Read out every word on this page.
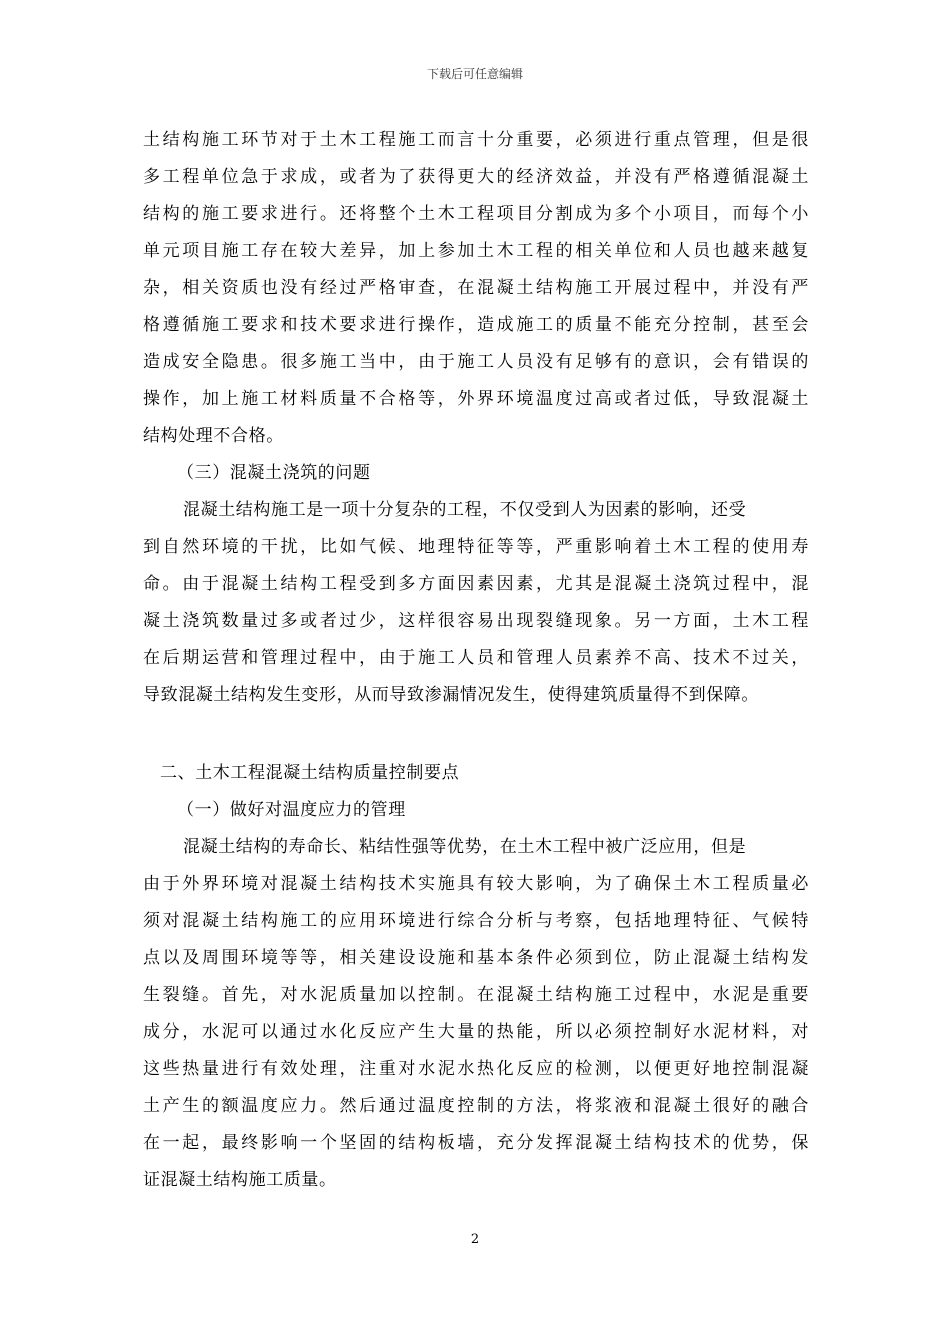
下载后可任意编辑
土结构施工环节对于土木工程施工而言十分重要，必须进行重点管理，但是很
多工程单位急于求成，或者为了获得更大的经济效益，并没有严格遵循混凝土
结构的施工要求进行。还将整个土木工程项目分割成为多个小项目，而每个小
单元项目施工存在较大差异，加上参加土木工程的相关单位和人员也越来越复
杂，相关资质也没有经过严格审查，在混凝土结构施工开展过程中，并没有严
格遵循施工要求和技术要求进行操作，造成施工的质量不能充分控制，甚至会
造成安全隐患。很多施工当中，由于施工人员没有足够有的意识，会有错误的
操作，加上施工材料质量不合格等，外界环境温度过高或者过低，导致混凝土
结构处理不合格。
（三）混凝土浇筑的问题
混凝土结构施工是一项十分复杂的工程，不仅受到人为因素的影响，还受
到自然环境的干扰，比如气候、地理特征等等，严重影响着土木工程的使用寿
命。由于混凝土结构工程受到多方面因素因素，尤其是混凝土浇筑过程中，混
凝土浇筑数量过多或者过少，这样很容易出现裂缝现象。另一方面，土木工程
在后期运营和管理过程中，由于施工人员和管理人员素养不高、技术不过关，
导致混凝土结构发生变形，从而导致渗漏情况发生，使得建筑质量得不到保障。
二、土木工程混凝土结构质量控制要点
（一）做好对温度应力的管理
混凝土结构的寿命长、粘结性强等优势，在土木工程中被广泛应用，但是
由于外界环境对混凝土结构技术实施具有较大影响，为了确保土木工程质量必
须对混凝土结构施工的应用环境进行综合分析与考察，包括地理特征、气候特
点以及周围环境等等，相关建设设施和基本条件必须到位，防止混凝土结构发
生裂缝。首先，对水泥质量加以控制。在混凝土结构施工过程中，水泥是重要
成分，水泥可以通过水化反应产生大量的热能，所以必须控制好水泥材料，对
这些热量进行有效处理，注重对水泥水热化反应的检测，以便更好地控制混凝
土产生的额温度应力。然后通过温度控制的方法，将浆液和混凝土很好的融合
在一起，最终影响一个坚固的结构板墙，充分发挥混凝土结构技术的优势，保
证混凝土结构施工质量。
2
